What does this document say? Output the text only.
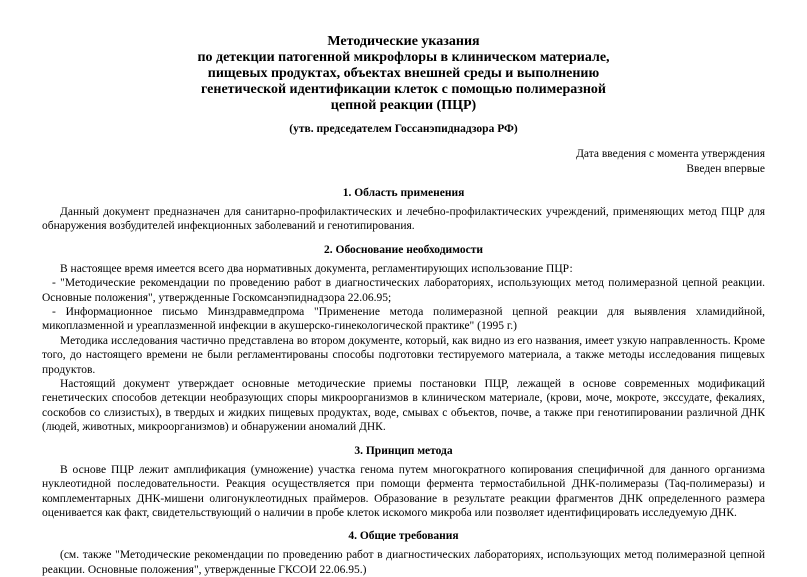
Методические указания
по детекции патогенной микрофлоры в клиническом материале,
пищевых продуктах, объектах внешней среды и выполнению
генетической идентификации клеток с помощью полимеразной
цепной реакции (ПЦР)
(утв. председателем Госсанэпиднадзора РФ)
Дата введения с момента утверждения
Введен впервые
1. Область применения

Данный документ предназначен для санитарно-профилактических и лечебно-профилактических учреждений, применяющих метод ПЦР для обнаружения возбудителей инфекционных заболеваний и генотипирования.

2. Обоснование необходимости

В настоящее время имеется всего два нормативных документа, регламентирующих использование ПЦР:

- "Методические рекомендации по проведению работ в диагностических лабораториях, использующих метод полимеразной цепной реакции. Основные положения", утвержденные Госкомсанэпиднадзора 22.06.95;

- Информационное письмо Минздравмедпрома "Применение метода полимеразной цепной реакции для выявления хламидийной, микоплазменной и уреаплазменной инфекции в акушерско-гинекологической практике" (1995 г.)

Методика исследования частично представлена во втором документе, который, как видно из его названия, имеет узкую направленность. Кроме того, до настоящего времени не были регламентированы способы подготовки тестируемого материала, а также методы исследования пищевых продуктов.

Настоящий документ утверждает основные методические приемы постановки ПЦР, лежащей в основе современных модификаций генетических способов детекции необразующих споры микроорганизмов в клиническом материале, (крови, моче, мокроте, экссудате, фекалиях, соскобов со слизистых), в твердых и жидких пищевых продуктах, воде, смывах с объектов, почве, а также при генотипировании различной ДНК (людей, животных, микроорганизмов) и обнаружении аномалий ДНК.

3. Принцип метода

В основе ПЦР лежит амплификация (умножение) участка генома путем многократного копирования специфичной для данного организма нуклеотидной последовательности. Реакция осуществляется при помощи фермента термостабильной ДНК-полимеразы (Taq-полимеразы) и комплементарных ДНК-мишени олигонуклеотидных праймеров. Образование в результате реакции фрагментов ДНК определенного размера оценивается как факт, свидетельствующий о наличии в пробе клеток искомого микроба или позволяет идентифицировать исследуемую ДНК.

4. Общие требования

(см. также "Методические рекомендации по проведению работ в диагностических лабораториях, использующих метод полимеразной цепной реакции. Основные положения", утвержденные ГКСОИ 22.06.95.)
